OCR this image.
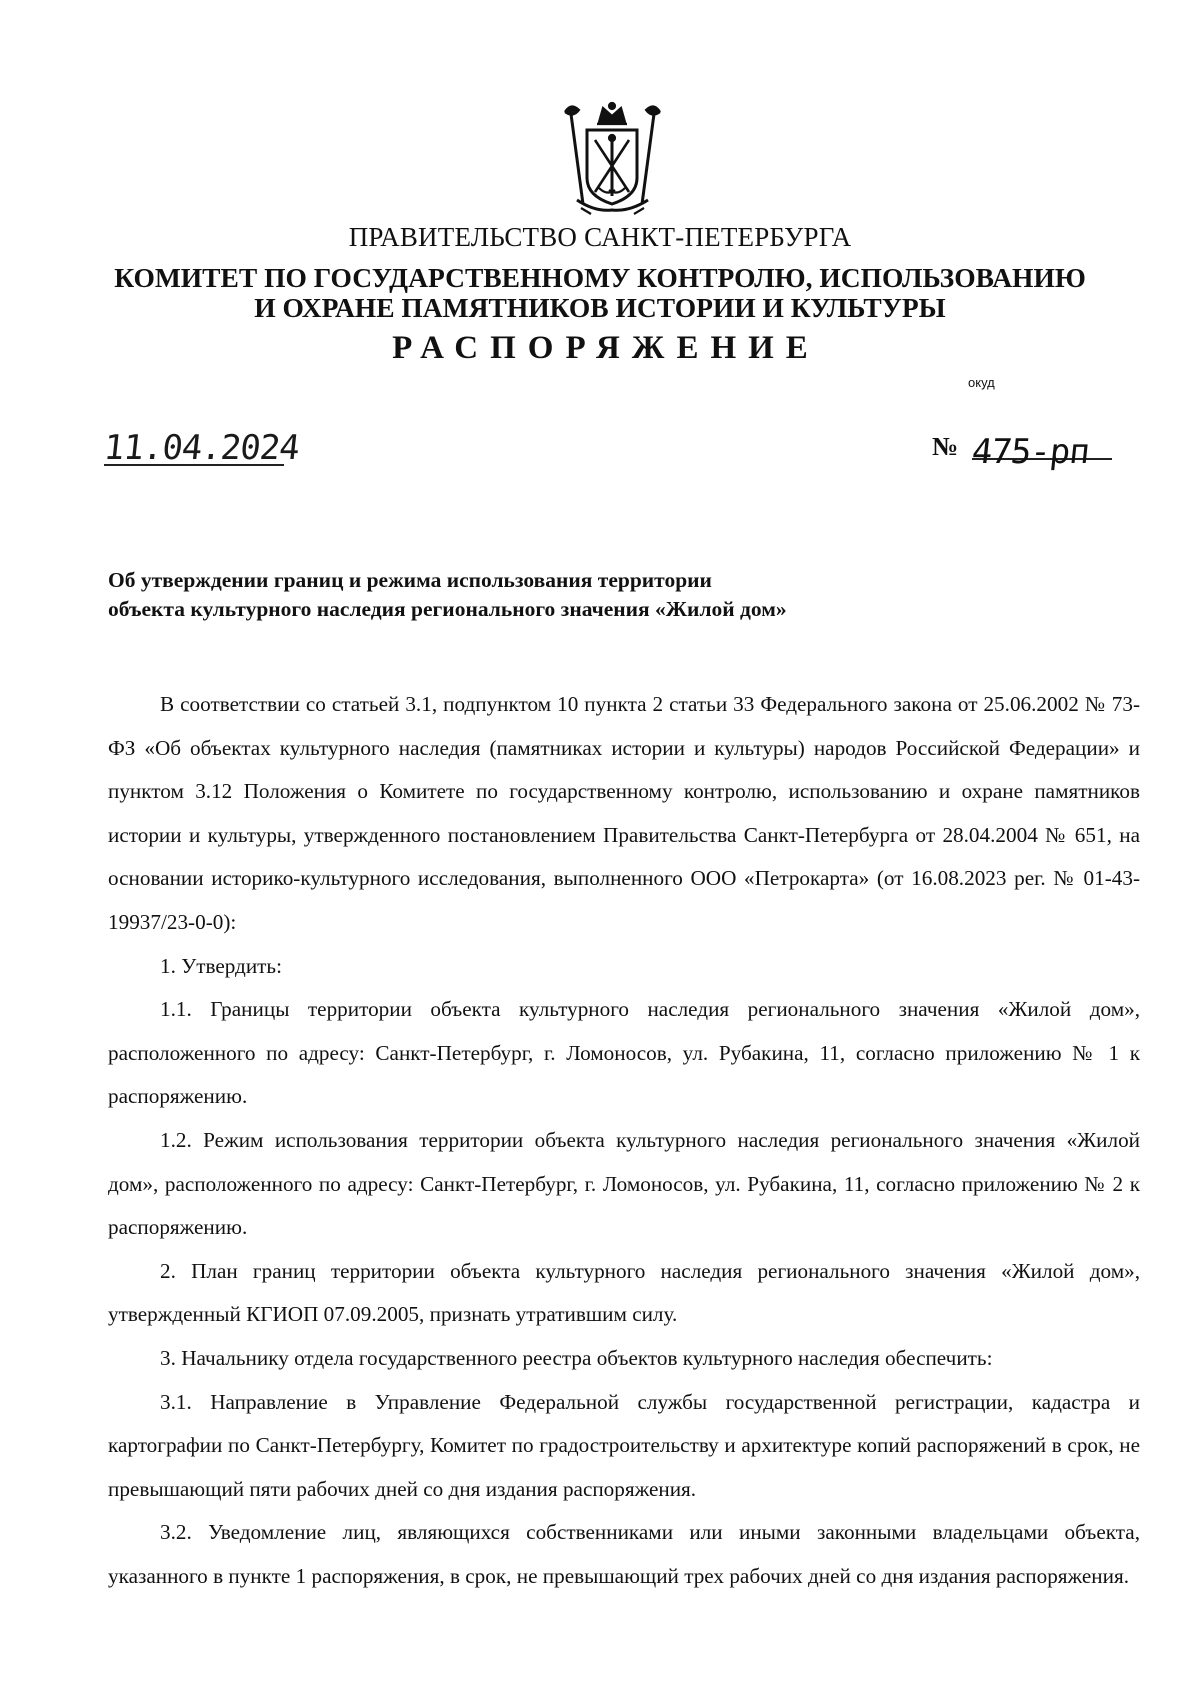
ПРАВИТЕЛЬСТВО САНКТ-ПЕТЕРБУРГА
КОМИТЕТ ПО ГОСУДАРСТВЕННОМУ КОНТРОЛЮ, ИСПОЛЬЗОВАНИЮ
И ОХРАНЕ ПАМЯТНИКОВ ИСТОРИИ И КУЛЬТУРЫ
РАСПОРЯЖЕНИЕ
окуд
11.04.2024	№ 475-рп
Об утверждении границ и режима использования территории
объекта культурного наследия регионального значения «Жилой дом»

В соответствии со статьей 3.1, подпунктом 10 пункта 2 статьи 33 Федерального закона от 25.06.2002 № 73-ФЗ «Об объектах культурного наследия (памятниках истории и культуры) народов Российской Федерации» и пунктом 3.12 Положения о Комитете по государственному контролю, использованию и охране памятников истории и культуры, утвержденного постановлением Правительства Санкт-Петербурга от 28.04.2004 № 651, на основании историко-культурного исследования, выполненного ООО «Петрокарта» (от 16.08.2023 рег. № 01-43-19937/23-0-0):

1. Утвердить:

1.1. Границы территории объекта культурного наследия регионального значения «Жилой дом», расположенного по адресу: Санкт-Петербург, г. Ломоносов, ул. Рубакина, 11, согласно приложению № 1 к распоряжению.

1.2. Режим использования территории объекта культурного наследия регионального значения «Жилой дом», расположенного по адресу: Санкт-Петербург, г. Ломоносов, ул. Рубакина, 11, согласно приложению № 2 к распоряжению.

2. План границ территории объекта культурного наследия регионального значения «Жилой дом», утвержденный КГИОП 07.09.2005, признать утратившим силу.

3. Начальнику отдела государственного реестра объектов культурного наследия обеспечить:

3.1. Направление в Управление Федеральной службы государственной регистрации, кадастра и картографии по Санкт-Петербургу, Комитет по градостроительству и архитектуре копий распоряжений в срок, не превышающий пяти рабочих дней со дня издания распоряжения.

3.2. Уведомление лиц, являющихся собственниками или иными законными владельцами объекта, указанного в пункте 1 распоряжения, в срок, не превышающий трех рабочих дней со дня издания распоряжения.
